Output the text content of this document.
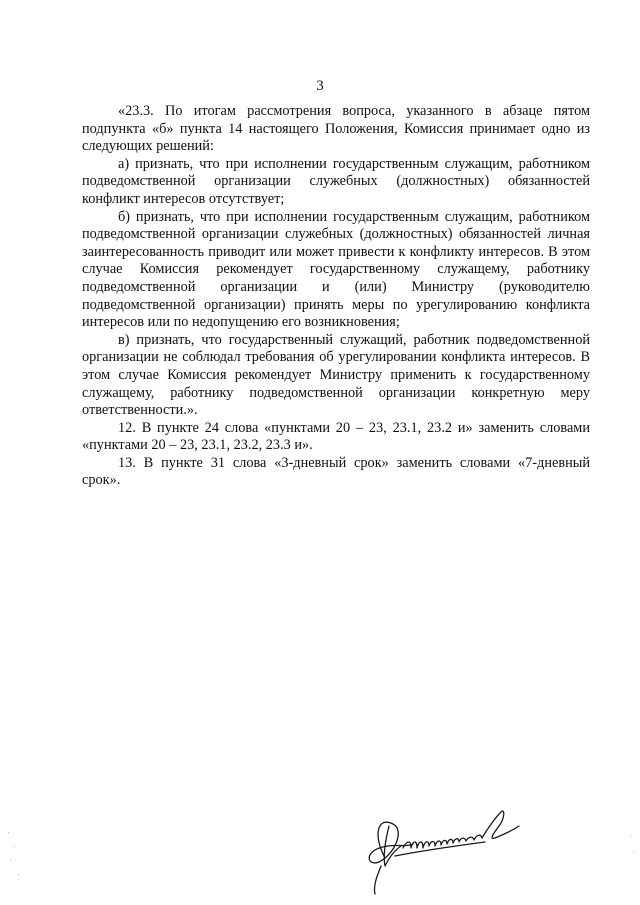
3

«23.3. По итогам рассмотрения вопроса, указанного в абзаце пятом подпункта «б» пункта 14 настоящего Положения, Комиссия принимает одно из следующих решений:

а) признать, что при исполнении государственным служащим, работником подведомственной организации служебных (должностных) обязанностей конфликт интересов отсутствует;

б) признать, что при исполнении государственным служащим, работником подведомственной организации служебных (должностных) обязанностей личная заинтересованность приводит или может привести к конфликту интересов. В этом случае Комиссия рекомендует государственному служащему, работнику подведомственной организации и (или) Министру (руководителю подведомственной организации) принять меры по урегулированию конфликта интересов или по недопущению его возникновения;

в) признать, что государственный служащий, работник подведомственной организации не соблюдал требования об урегулировании конфликта интересов. В этом случае Комиссия рекомендует Министру применить к государственному служащему, работнику подведомственной организации конкретную меру ответственности.».

12. В пункте 24 слова «пунктами 20 – 23, 23.1, 23.2 и» заменить словами «пунктами 20 – 23, 23.1, 23.2, 23.3 и».

13. В пункте 31 слова «3-дневный срок» заменить словами «7-дневный срок».
